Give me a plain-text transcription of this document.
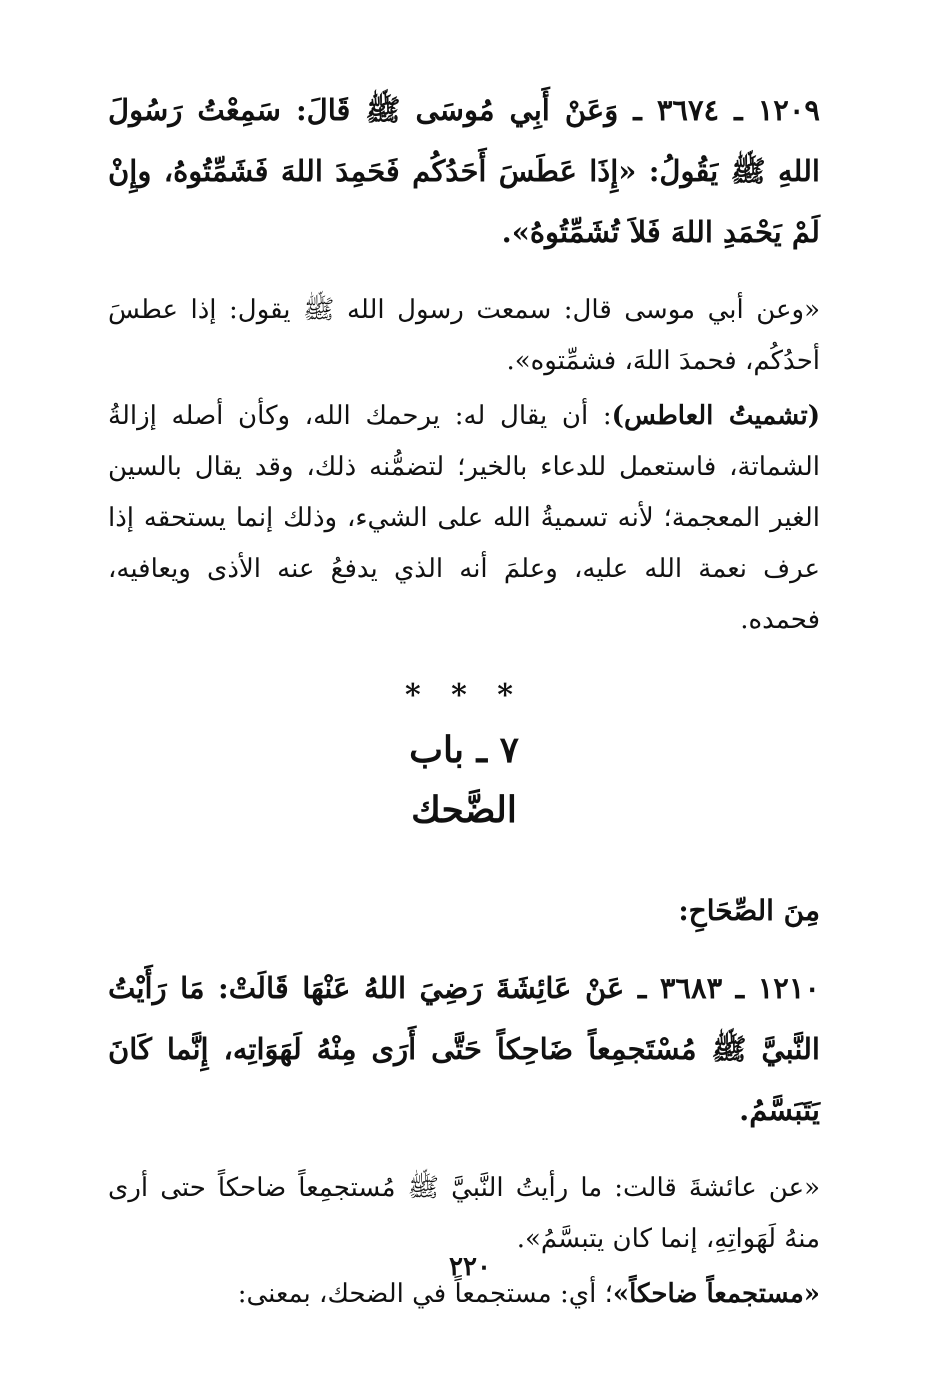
١٢٠٩ ـ ٣٦٧٤ ـ وَعَنْ أَبِي مُوسَى ﷺ قَالَ: سَمِعْتُ رَسُولَ اللهِ ﷺ يَقُولُ: «إِذَا عَطَسَ أَحَدُكُم فَحَمِدَ اللهَ فَشَمِّتُوهُ، وإِنْ لَمْ يَحْمَدِ اللهَ فَلاَ تُشَمِّتُوهُ».

«وعن أبي موسى قال: سمعت رسول الله ﷺ يقول: إذا عطسَ أحدُكُم، فحمدَ اللهَ، فشمِّتوه».

(تشميتُ العاطس): أن يقال له: يرحمك الله، وكأن أصله إزالةُ الشماتة، فاستعمل للدعاء بالخير؛ لتضمُّنه ذلك، وقد يقال بالسين الغير المعجمة؛ لأنه تسميةُ الله على الشيء، وذلك إنما يستحقه إذا عرف نعمة الله عليه، وعلمَ أنه الذي يدفعُ عنه الأذى ويعافيه، فحمده.

* * *
٧ ـ باب
الضَّحك
مِنَ الصِّحَاحِ:

١٢١٠ ـ ٣٦٨٣ ـ عَنْ عَائِشَةَ رَضِيَ اللهُ عَنْهَا قَالَتْ: مَا رَأَيْتُ النَّبيَّ ﷺ مُسْتَجمِعاً ضَاحِكاً حَتَّى أَرَى مِنْهُ لَهَوَاتِه، إِنَّما كَانَ يَتَبَسَّمُ.

«عن عائشةَ قالت: ما رأيتُ النَّبيَّ ﷺ مُستجمِعاً ضاحكاً حتى أرى منهُ لَهَواتِهِ، إنما كان يتبسَّمُ».

«مستجمعاً ضاحكاً»؛ أي: مستجمعاً في الضحك، بمعنى:

٢٢٠
